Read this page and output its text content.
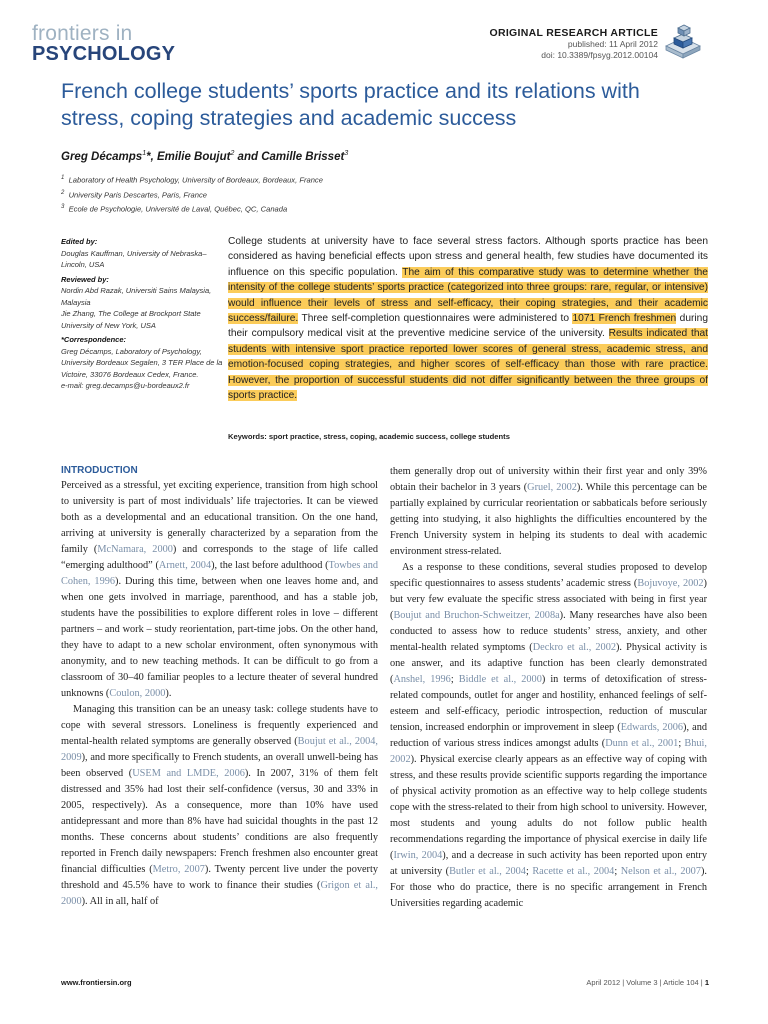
frontiers in
PSYCHOLOGY
ORIGINAL RESEARCH ARTICLE
published: 11 April 2012
doi: 10.3389/fpsyg.2012.00104
French college students’ sports practice and its relations with stress, coping strategies and academic success
Greg Décamps$^1$*, Emilie Boujut$^2$ and Camille Brisset$^3$
$^1$ Laboratory of Health Psychology, University of Bordeaux, Bordeaux, France
$^2$ University Paris Descartes, Paris, France
$^3$ Ecole de Psychologie, Université de Laval, Québec, QC, Canada
Edited by:
Douglas Kauffman, University of Nebraska–Lincoln, USA
Reviewed by:
Nordin Abd Razak, Universiti Sains Malaysia, Malaysia
Jie Zhang, The College at Brockport State University of New York, USA
*Correspondence:
Greg Décamps, Laboratory of Psychology, University Bordeaux Segalen, 3 TER Place de la Victoire, 33076 Bordeaux Cedex, France.
e-mail: greg.decamps@u-bordeaux2.fr
College students at university have to face several stress factors. Although sports practice has been considered as having beneficial effects upon stress and general health, few studies have documented its influence on this specific population. The aim of this comparative study was to determine whether the intensity of the college students’ sports practice (categorized into three groups: rare, regular, or intensive) would influence their levels of stress and self-efficacy, their coping strategies, and their academic success/failure. Three self-completion questionnaires were administered to 1071 French freshmen during their compulsory medical visit at the preventive medicine service of the university. Results indicated that students with intensive sport practice reported lower scores of general stress, academic stress, and emotion-focused coping strategies, and higher scores of self-efficacy than those with rare practice. However, the proportion of successful students did not differ significantly between the three groups of sports practice.
Keywords: sport practice, stress, coping, academic success, college students
INTRODUCTION

Perceived as a stressful, yet exciting experience, transition from high school to university is part of most individuals’ life trajectories. It can be viewed both as a developmental and an educational transition. On the one hand, arriving at university is generally characterized by a separation from the family (McNamara, 2000) and corresponds to the stage of life called “emerging adulthood” (Arnett, 2004), the last before adulthood (Towbes and Cohen, 1996). During this time, between when one leaves home and, and when one gets involved in marriage, parenthood, and has a stable job, students have the possibilities to explore different roles in love – different partners – and work – study reorientation, part-time jobs. On the other hand, they have to adapt to a new scholar environment, often synonymous with anonymity, and to new teaching methods. It can be difficult to go from a classroom of 30–40 familiar peoples to a lecture theater of several hundred unknowns (Coulon, 2000).

Managing this transition can be an uneasy task: college students have to cope with several stressors. Loneliness is frequently experienced and mental-health related symptoms are generally observed (Boujut et al., 2004, 2009), and more specifically to French students, an overall unwell-being has been observed (USEM and LMDE, 2006). In 2007, 31% of them felt distressed and 35% had lost their self-confidence (versus, 30 and 33% in 2005, respectively). As a consequence, more than 10% have used antidepressant and more than 8% have had suicidal thoughts in the past 12 months. These concerns about students’ conditions are also frequently reported in French daily newspapers: French freshmen also encounter great financial difficulties (Metro, 2007). Twenty percent live under the poverty threshold and 45.5% have to work to finance their studies (Grigon et al., 2000). All in all, half of

them generally drop out of university within their first year and only 39% obtain their bachelor in 3 years (Gruel, 2002). While this percentage can be partially explained by curricular reorientation or sabbaticals before seriously getting into studying, it also highlights the difficulties encountered by the French University system in helping its students to deal with academic environment stress-related.

As a response to these conditions, several studies proposed to develop specific questionnaires to assess students’ academic stress (Bojuvoye, 2002) but very few evaluate the specific stress associated with being in first year (Boujut and Bruchon-Schweitzer, 2008a). Many researches have also been conducted to assess how to reduce students’ stress, anxiety, and other mental-health related symptoms (Deckro et al., 2002). Physical activity is one answer, and its adaptive function has been clearly demonstrated (Anshel, 1996; Biddle et al., 2000) in terms of detoxification of stress-related compounds, outlet for anger and hostility, enhanced feelings of self-esteem and self-efficacy, periodic introspection, reduction of muscular tension, increased endorphin or improvement in sleep (Edwards, 2006), and reduction of various stress indices amongst adults (Dunn et al., 2001; Bhui, 2002). Physical exercise clearly appears as an effective way of coping with stress, and these results provide scientific supports regarding the importance of physical activity promotion as an effective way to help college students cope with the stress-related to their from high school to university. However, most students and young adults do not follow public health recommendations regarding the importance of physical exercise in daily life (Irwin, 2004), and a decrease in such activity has been reported upon entry at university (Butler et al., 2004; Racette et al., 2004; Nelson et al., 2007). For those who do practice, there is no specific arrangement in French Universities regarding academic

www.frontiersin.org	April 2012 | Volume 3 | Article 104 | 1
